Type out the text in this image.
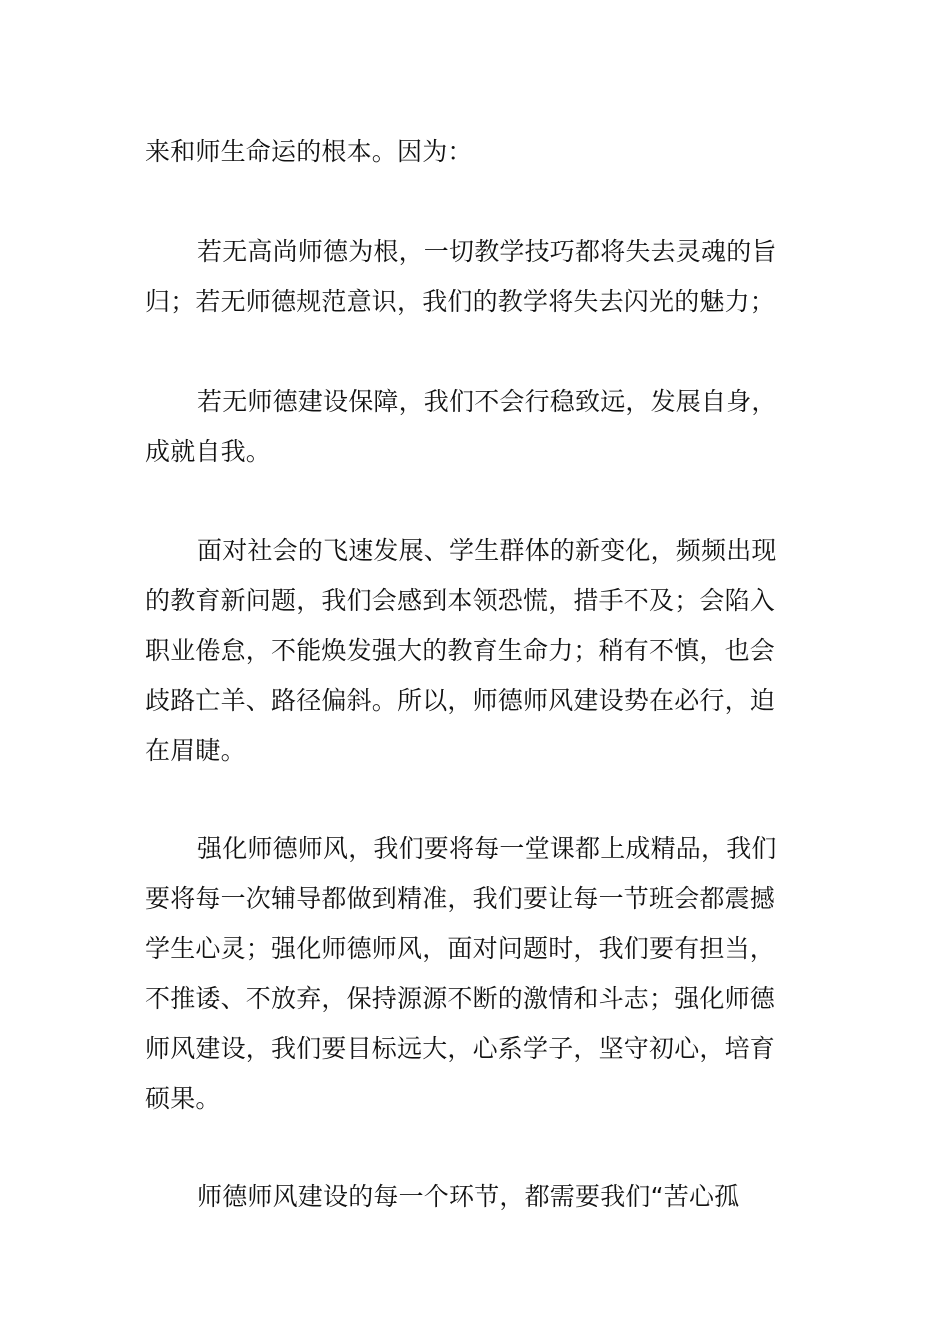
来和师生命运的根本。因为：
若无高尚师德为根，一切教学技巧都将失去灵魂的旨
归；若无师德规范意识，我们的教学将失去闪光的魅力；
若无师德建设保障，我们不会行稳致远，发展自身，
成就自我。
面对社会的飞速发展、学生群体的新变化，频频出现
的教育新问题，我们会感到本领恐慌，措手不及；会陷入
职业倦怠，不能焕发强大的教育生命力；稍有不慎，也会
歧路亡羊、路径偏斜。所以，师德师风建设势在必行，迫
在眉睫。
强化师德师风，我们要将每一堂课都上成精品，我们
要将每一次辅导都做到精准，我们要让每一节班会都震撼
学生心灵；强化师德师风，面对问题时，我们要有担当，
不推诿、不放弃，保持源源不断的激情和斗志；强化师德
师风建设，我们要目标远大，心系学子，坚守初心，培育
硕果。
师德师风建设的每一个环节，都需要我们“苦心孤
